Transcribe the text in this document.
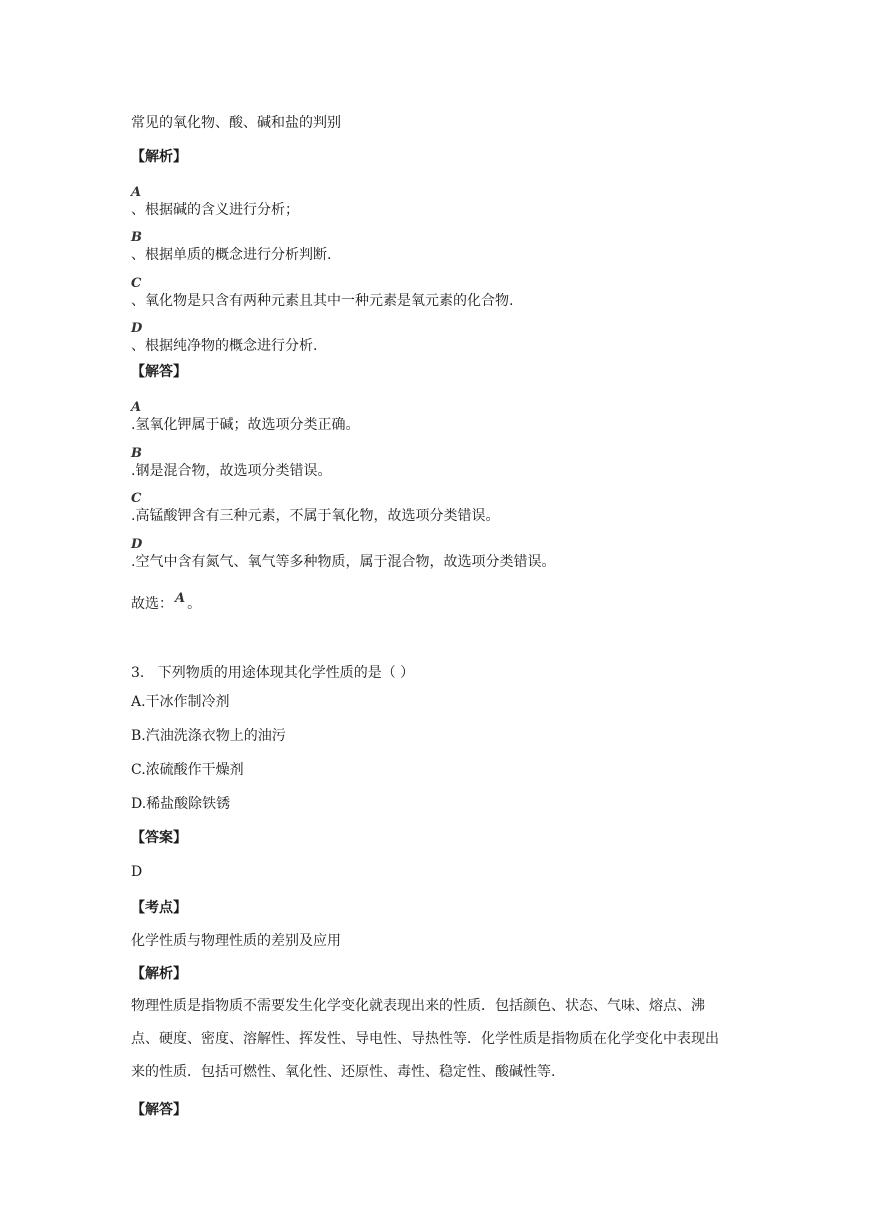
常见的氧化物、酸、碱和盐的判别
【解析】
A
、根据碱的含义进行分析；
B
、根据单质的概念进行分析判断.
C
、氧化物是只含有两种元素且其中一种元素是氧元素的化合物.
D
、根据纯净物的概念进行分析.
【解答】
A
.氢氧化钾属于碱；故选项分类正确。
B
.钢是混合物，故选项分类错误。
C
.高锰酸钾含有三种元素，不属于氧化物，故选项分类错误。
D
.空气中含有氮气、氧气等多种物质，属于混合物，故选项分类错误。
故选： A 。
3.   下列物质的用途体现其化学性质的是（ ）
A.干冰作制冷剂
B.汽油洗涤衣物上的油污
C.浓硫酸作干燥剂
D.稀盐酸除铁锈
【答案】
D
【考点】
化学性质与物理性质的差别及应用
【解析】
物理性质是指物质不需要发生化学变化就表现出来的性质．包括颜色、状态、气味、熔点、沸点、硬度、密度、溶解性、挥发性、导电性、导热性等．化学性质是指物质在化学变化中表现出来的性质．包括可燃性、氧化性、还原性、毒性、稳定性、酸碱性等.
【解答】
